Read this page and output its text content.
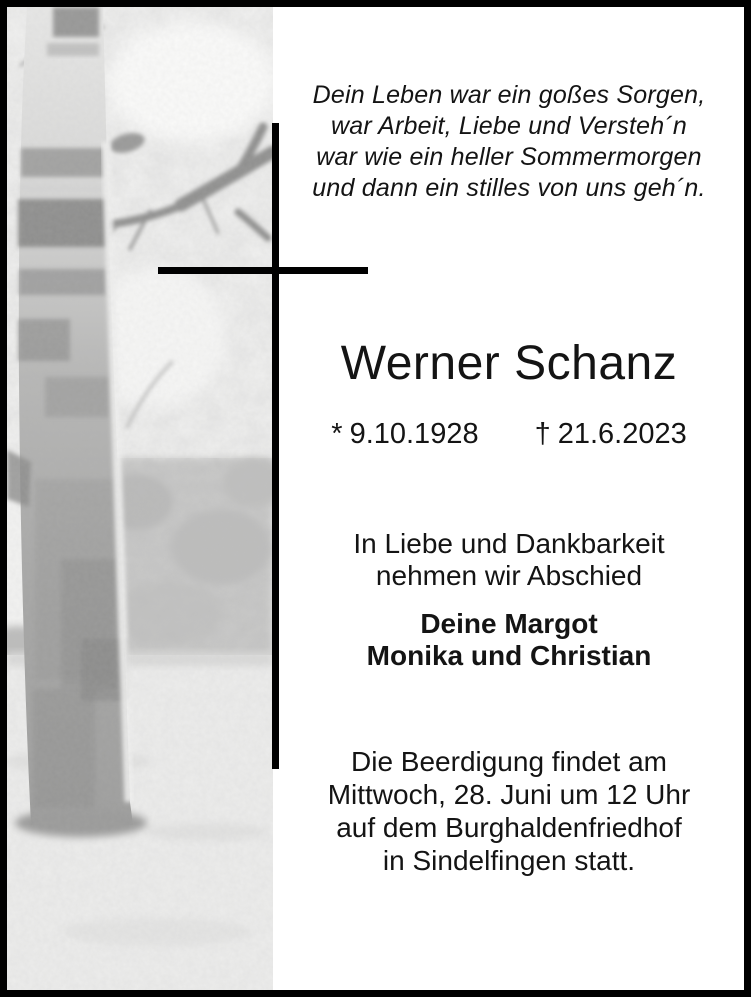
Dein Leben war ein goßes Sorgen,
war Arbeit, Liebe und Versteh´n
war wie ein heller Sommermorgen
und dann ein stilles von uns geh´n.
Werner Schanz
* 9.10.1928 † 21.6.2023
In Liebe und Dankbarkeit
nehmen wir Abschied
Deine Margot
Monika und Christian
Die Beerdigung findet am
Mittwoch, 28. Juni um 12 Uhr
auf dem Burghaldenfriedhof
in Sindelfingen statt.
